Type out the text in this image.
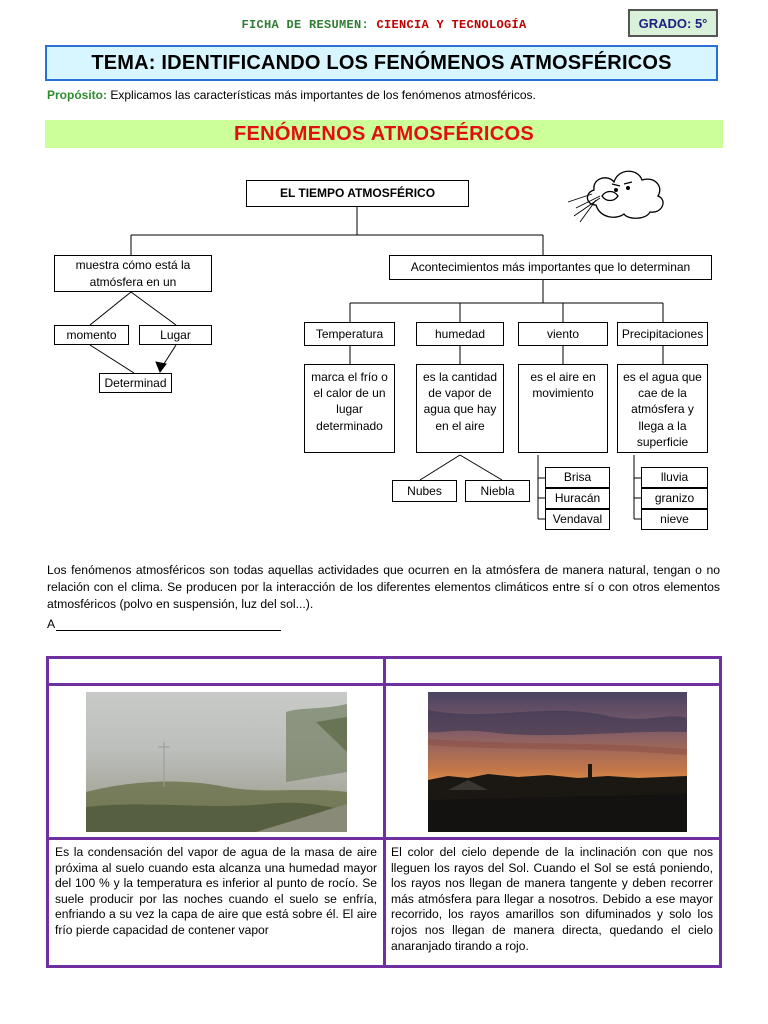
FICHA DE RESUMEN: CIENCIA Y TECNOLOGÍA	GRADO: 5°
TEMA: IDENTIFICANDO LOS FENÓMENOS ATMOSFÉRICOS
Propósito: Explicamos las características más importantes de los fenómenos atmosféricos.
FENÓMENOS ATMOSFÉRICOS
EL TIEMPO ATMOSFÉRICO
muestra cómo está la atmósfera en un
Acontecimientos más importantes que lo determinan
momento	Lugar
Determinad
Temperatura	humedad	viento	Precipitaciones
marca el frío o el calor de un lugar determinado
es la cantidad de vapor de agua que hay en el aire
es el aire en movimiento
es el agua que cae de la atmósfera y llega a la superficie
Nubes	Niebla
Brisa
Huracán
Vendaval
lluvia
granizo
nieve
Los fenómenos atmosféricos son todas aquellas actividades que ocurren en la atmósfera de manera natural, tengan o no relación con el clima. Se producen por la interacción de los diferentes elementos climáticos entre sí o con otros elementos atmosféricos (polvo en suspensión, luz del sol...).
A
Es la condensación del vapor de agua de la masa de aire próxima al suelo cuando esta alcanza una humedad mayor del 100 % y la temperatura es inferior al punto de rocío. Se suele producir por las noches cuando el suelo se enfría, enfriando a su vez la capa de aire que está sobre él. El aire frío pierde capacidad de contener vapor
El color del cielo depende de la inclinación con que nos lleguen los rayos del Sol. Cuando el Sol se está poniendo, los rayos nos llegan de manera tangente y deben recorrer más atmósfera para llegar a nosotros. Debido a ese mayor recorrido, los rayos amarillos son difuminados y solo los rojos nos llegan de manera directa, quedando el cielo anaranjado tirando a rojo.
